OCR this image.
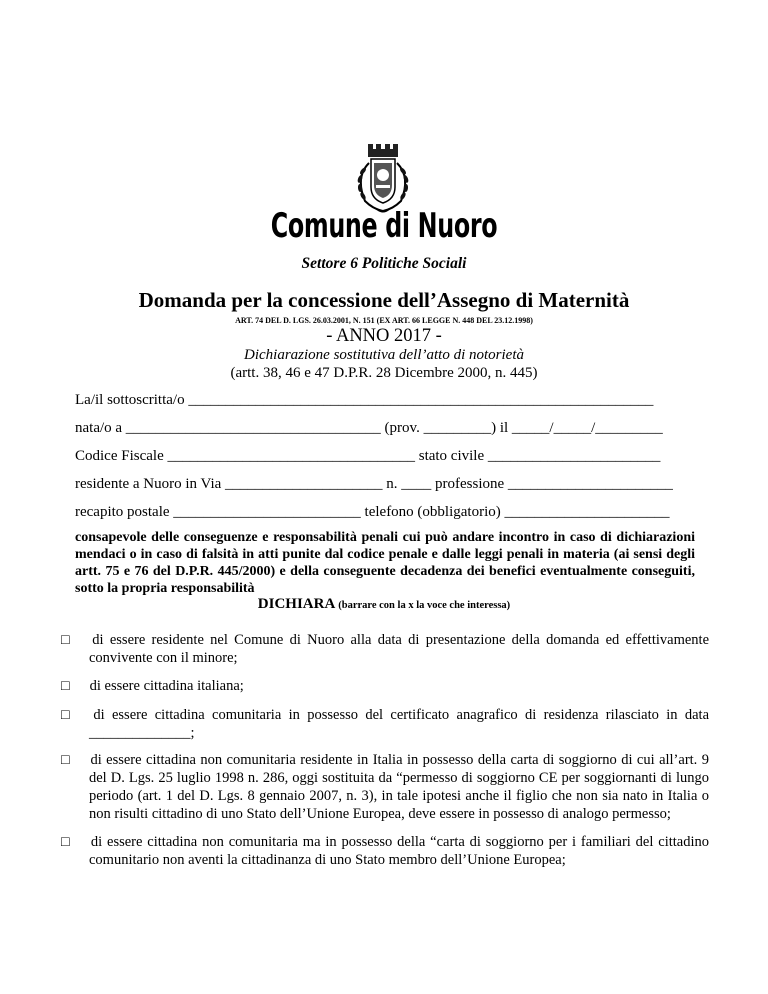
Comune di Nuoro
Settore 6 Politiche Sociali
Domanda per la concessione dell’Assegno di Maternità
ART. 74 DEL D. LGS. 26.03.2001, N. 151 (EX ART. 66 LEGGE N. 448 DEL 23.12.1998)
- ANNO 2017 -
Dichiarazione sostitutiva dell’atto di notorietà
(artt. 38, 46 e 47 D.P.R. 28 Dicembre 2000, n. 445)
La/il sottoscritta/o ______________________________________________________________
nata/o a __________________________________ (prov. _________) il _____/_____/_________
Codice Fiscale _________________________________ stato civile _______________________
residente a Nuoro in Via _____________________ n. ____ professione ______________________
recapito postale _________________________ telefono (obbligatorio) ______________________
consapevole delle conseguenze e responsabilità penali cui può andare incontro in caso di dichiarazioni mendaci o in caso di falsità in atti punite dal codice penale e dalle leggi penali in materia (ai sensi degli artt. 75 e 76 del D.P.R. 445/2000) e della conseguente decadenza dei benefici eventualmente conseguiti, sotto la propria responsabilità
DICHIARA (barrare con la x la voce che interessa)
□ di essere residente nel Comune di Nuoro alla data di presentazione della domanda ed effettivamente convivente con il minore;
□ di essere cittadina italiana;
□ di essere cittadina comunitaria in possesso del certificato anagrafico di residenza rilasciato in data ______________;
□ di essere cittadina non comunitaria residente in Italia in possesso della carta di soggiorno di cui all’art. 9 del D. Lgs. 25 luglio 1998 n. 286, oggi sostituita da “permesso di soggiorno CE per soggiornanti di lungo periodo (art. 1 del D. Lgs. 8 gennaio 2007, n. 3), in tale ipotesi anche il figlio che non sia nato in Italia o non risulti cittadino di uno Stato dell’Unione Europea, deve essere in possesso di analogo permesso;
□ di essere cittadina non comunitaria ma in possesso della “carta di soggiorno per i familiari del cittadino comunitario non aventi la cittadinanza di uno Stato membro dell’Unione Europea;
